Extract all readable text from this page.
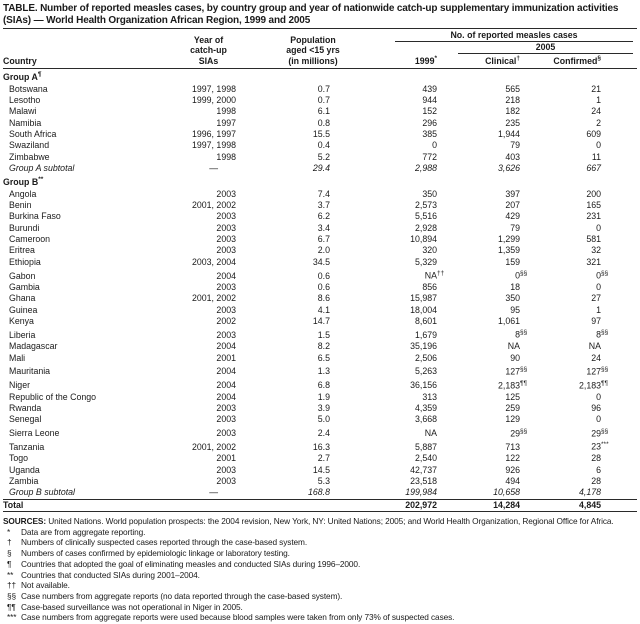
TABLE. Number of reported measles cases, by country group and year of nationwide catch-up supplementary immunization activities (SIAs) — World Health Organization African Region, 1999 and 2005
Country	Year of
catch-up
SIAs	Population
aged <15 yrs
(in millions)	No. of reported measles cases		

				2005	

			1999*	Clinical†	Confirmed§
Group A¶
Botswana	1997, 1998	0.7	439	565	21
Lesotho	1999, 2000	0.7	944	218	1
Malawi	1998	6.1	152	182	24
Namibia	1997	0.8	296	235	2
South Africa	1996, 1997	15.5	385	1,944	609
Swaziland	1997, 1998	0.4	0	79	0
Zimbabwe	1998	5.2	772	403	11
Group A subtotal	—	29.4	2,988	3,626	667
Group B**
Angola	2003	7.4	350	397	200
Benin	2001, 2002	3.7	2,573	207	165
Burkina Faso	2003	6.2	5,516	429	231
Burundi	2003	3.4	2,928	79	0
Cameroon	2003	6.7	10,894	1,299	581
Eritrea	2003	2.0	320	1,359	32
Ethiopia	2003, 2004	34.5	5,329	159	321
Gabon	2004	0.6	NA††	0§§	0§§
Gambia	2003	0.6	856	18	0
Ghana	2001, 2002	8.6	15,987	350	27
Guinea	2003	4.1	18,004	95	1
Kenya	2002	14.7	8,601	1,061	97
Liberia	2003	1.5	1,679	8§§	8§§
Madagascar	2004	8.2	35,196	NA	NA
Mali	2001	6.5	2,506	90	24
Mauritania	2004	1.3	5,263	127§§	127§§
Niger	2004	6.8	36,156	2,183¶¶	2,183¶¶
Republic of the Congo	2004	1.9	313	125	0
Rwanda	2003	3.9	4,359	259	96
Senegal	2003	5.0	3,668	129	0
Sierra Leone	2003	2.4	NA	29§§	29§§
Tanzania	2001, 2002	16.3	5,887	713	23***
Togo	2001	2.7	2,540	122	28
Uganda	2003	14.5	42,737	926	6
Zambia	2003	5.3	23,518	494	28
Group B subtotal	—	168.8	199,984	10,658	4,178
Total			202,972	14,284	4,845

SOURCES: United Nations. World population prospects: the 2004 revision, New York, NY: United Nations; 2005; and World Health Organization, Regional Office for Africa.

*	Data are from aggregate reporting.
†	Numbers of clinically suspected cases reported through the case-based system.
§	Numbers of cases confirmed by epidemiologic linkage or laboratory testing.
¶	Countries that adopted the goal of eliminating measles and conducted SIAs during 1996–2000.
** Countries that conducted SIAs during 2001–2004.
†† Not available.
§§ Case numbers from aggregate reports (no data reported through the case-based system).
¶¶ Case-based surveillance was not operational in Niger in 2005.
*** Case numbers from aggregate reports were used because blood samples were taken from only 73% of suspected cases.
